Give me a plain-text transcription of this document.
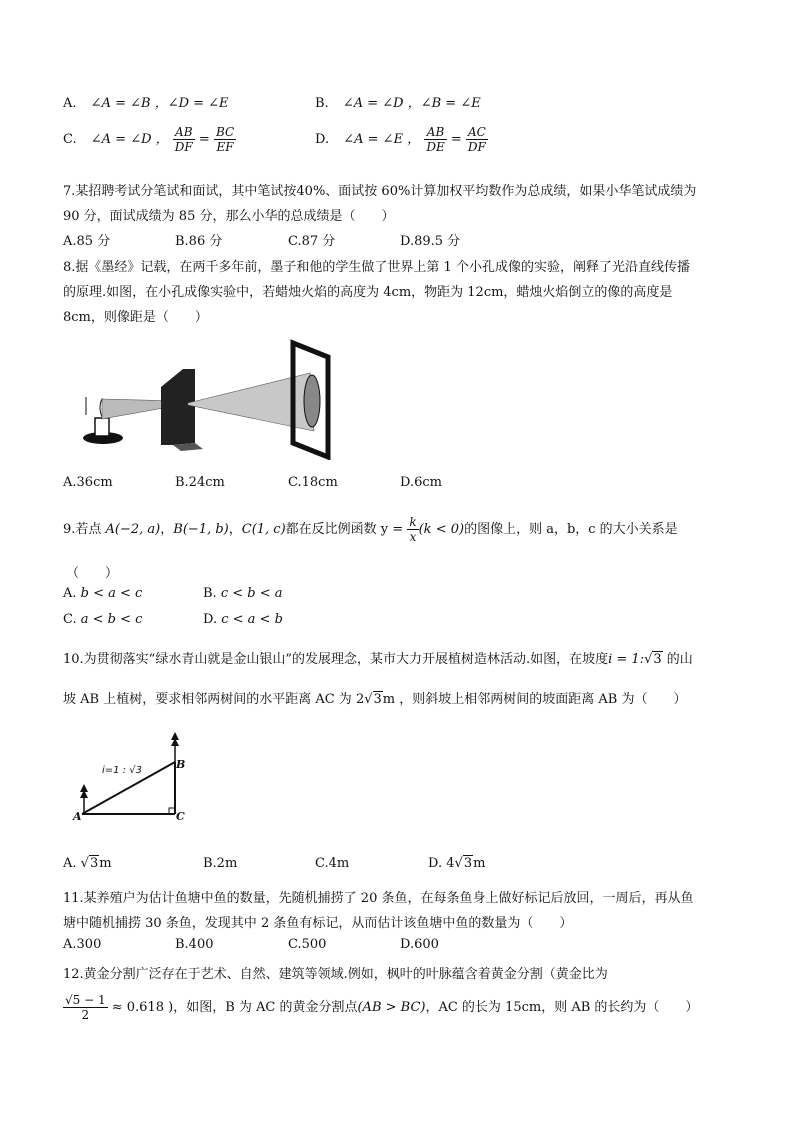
A. ∠A = ∠B ，∠D = ∠E	B. ∠A = ∠D ，∠B = ∠E
C. ∠A = ∠D ， $\frac{AB}{DF} = \frac{BC}{EF}$	D. ∠A = ∠E ， $\frac{AB}{DE} = \frac{AC}{DF}$
7.某招聘考试分笔试和面试，其中笔试按40%、面试按 60%计算加权平均数作为总成绩，如果小华笔试成绩为
90 分，面试成绩为 85 分，那么小华的总成绩是（　　）
A.85 分	B.86 分	C.87 分	D.89.5 分
8.据《墨经》记载，在两千多年前，墨子和他的学生做了世界上第 1 个小孔成像的实验，阐释了光沿直线传播
的原理.如图，在小孔成像实验中，若蜡烛火焰的高度为 4cm，物距为 12cm，蜡烛火焰倒立的像的高度是
8cm，则像距是（　　）
A.36cm	B.24cm	C.18cm	D.6cm
9.若点 A(−2, a)，B(−1, b)，C(1, c)都在反比例函数 $y = \frac{k}{x} (k < 0)$的图像上，则 a，b，c 的大小关系是
（　　）
A. b < a < c	B. c < b < a
C. a < b < c	D. c < a < b
10.为贯彻落实“绿水青山就是金山银山”的发展理念，某市大力开展植树造林活动.如图，在坡度i = 1:√3 的山
坡 AB 上植树，要求相邻两树间的水平距离 AC 为 2√3m ，则斜坡上相邻两树间的坡面距离 AB 为（　　）
i=1 : √3
A
B
C
A. √3m	B.2m	C.4m	D. 4√3m
11.某养殖户为估计鱼塘中鱼的数量，先随机捕捞了 20 条鱼，在每条鱼身上做好标记后放回，一周后，再从鱼
塘中随机捕捞 30 条鱼，发现其中 2 条鱼有标记，从而估计该鱼塘中鱼的数量为（　　）
A.300	B.400	C.500	D.600
12.黄金分割广泛存在于艺术、自然、建筑等领域.例如，枫叶的叶脉蕴含着黄金分割（黄金比为
$\frac{√5 - 1}{2} \approx 0.618$ )，如图，B 为 AC 的黄金分割点(AB > BC)，AC 的长为 15cm，则 AB 的长约为（　　）
